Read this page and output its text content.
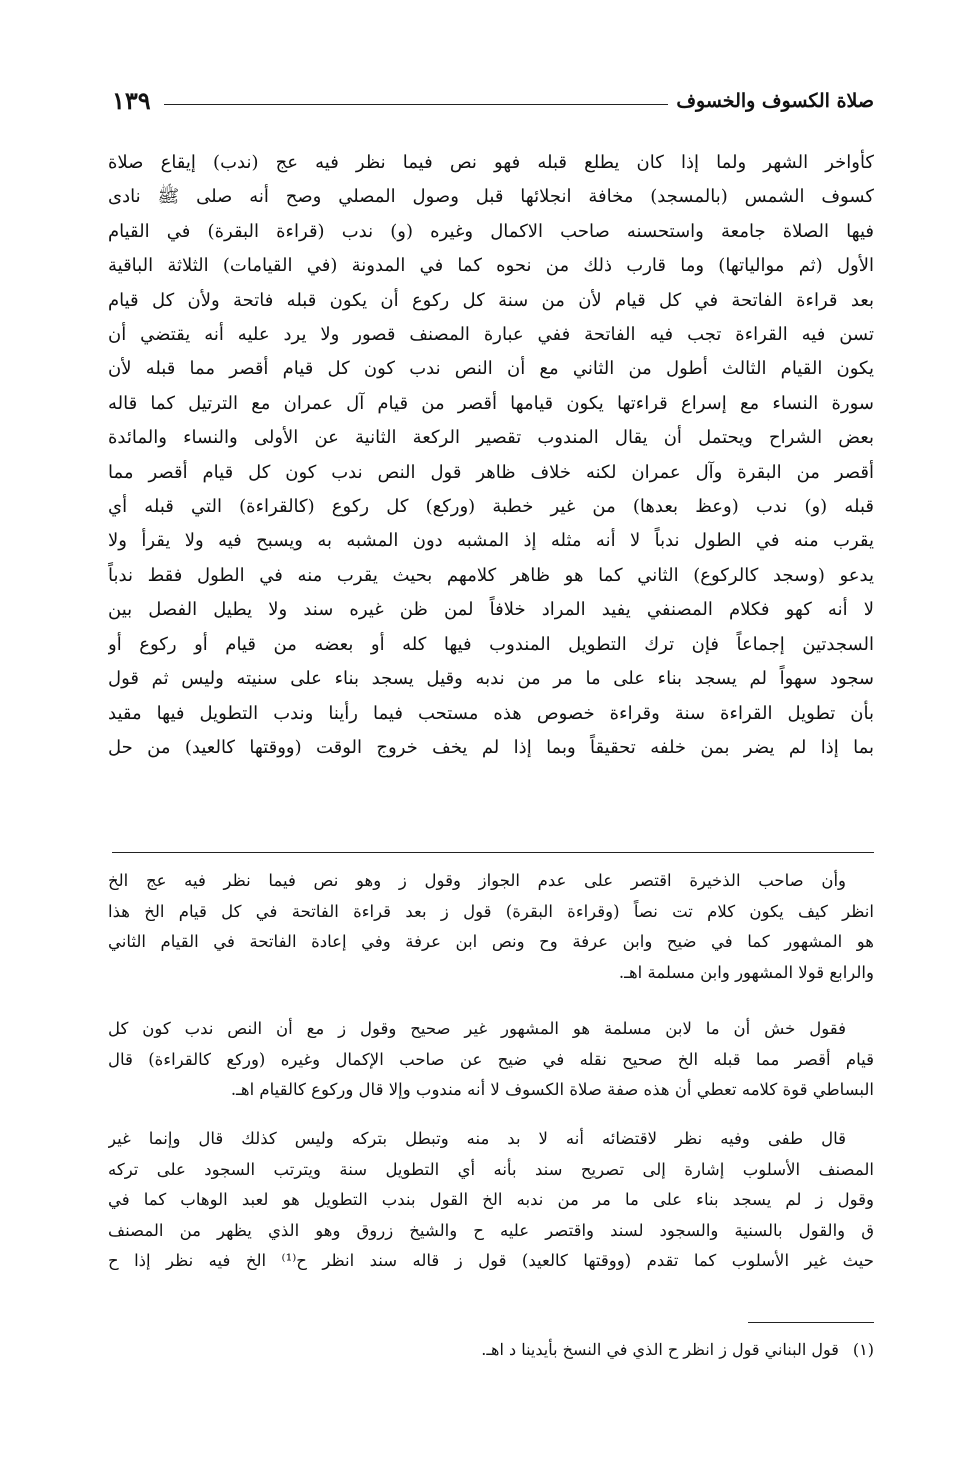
١٣٩	صلاة الكسوف والخسوف
كأواخر الشهر ولما إذا كان يطلع قبله فهو نص فيما نظر فيه عج (ندب) إيقاع صلاة
كسوف الشمس (بالمسجد) مخافة انجلائها قبل وصول المصلي وصح أنه صلى ﷺ نادى
فيها الصلاة جامعة واستحسنه صاحب الاكمال وغيره (و) ندب (قراءة البقرة) في القيام
الأول (ثم موالياتها) وما قارب ذلك من نحوه كما في المدونة (في القيامات) الثلاثة الباقية
بعد قراءة الفاتحة في كل قيام لأن من سنة كل ركوع أن يكون قبله فاتحة ولأن كل قيام
تسن فيه القراءة تجب فيه الفاتحة ففي عبارة المصنف قصور ولا يرد عليه أنه يقتضي أن
يكون القيام الثالث أطول من الثاني مع أن النص ندب كون كل قيام أقصر مما قبله لأن
سورة النساء مع إسراع قراءتها يكون قيامها أقصر من قيام آل عمران مع الترتيل كما قاله
بعض الشراح ويحتمل أن يقال المندوب تقصير الركعة الثانية عن الأولى والنساء والمائدة
أقصر من البقرة وآل عمران لكنه خلاف ظاهر قول النص ندب كون كل قيام أقصر مما
قبله (و) ندب (وعظ بعدها) من غير خطبة (وركع) كل ركوع (كالقراءة) التي قبله أي
يقرب منه في الطول ندباً لا أنه مثله إذ المشبه دون المشبه به ويسبح فيه ولا يقرأ ولا
يدعو (وسجد كالركوع) الثاني كما هو ظاهر كلامهم بحيث يقرب منه في الطول فقط ندباً
لا أنه كهو فكلام المصنفي يفيد المراد خلافاً لمن ظن غيره سند ولا يطيل الفصل بين
السجدتين إجماعاً فإن ترك التطويل المندوب فيها كله أو بعضه من قيام أو ركوع أو
سجود سهواً لم يسجد بناء على ما مر من ندبه وقيل يسجد بناء على سنيته وليس ثم قول
بأن تطويل القراءة سنة وقراءة خصوص هذه مستحب فيما رأينا وندب التطويل فيها مقيد
بما إذا لم يضر بمن خلفه تحقيقاً وبما إذا لم يخف خروج الوقت (ووقتها كالعيد) من حل
وأن صاحب الذخيرة اقتصر على عدم الجواز وقول ز وهو نص فيما نظر فيه عج الخ
انظر كيف يكون كلام تت نصاً (وقراءة البقرة) قول ز بعد قراءة الفاتحة في كل قيام الخ هذا
هو المشهور كما في ضيح وابن عرفة وح ونص ابن عرفة وفي إعادة الفاتحة في القيام الثاني
والرابع قولا المشهور وابن مسلمة اهـ.
فقول خش أن ما لابن مسلمة هو المشهور غير صحيح وقول ز مع أن النص ندب كون كل
قيام أقصر مما قبله الخ صحيح نقله في ضيح عن صاحب الإكمال وغيره (وركع كالقراءة) قال
البساطي قوة كلامه تعطي أن هذه صفة صلاة الكسوف لا أنه مندوب وإلا قال وركوع كالقيام اهـ.
قال طفى وفيه نظر لاقتضائه أنه لا بد منه وتبطل بتركه وليس كذلك قال وإنما غير
المصنف الأسلوب إشارة إلى تصريح سند بأنه أي التطويل سنة ويترتب السجود على تركه
وقول ز لم يسجد بناء على ما مر من ندبه الخ القول بندب التطويل هو لعبد الوهاب كما في
ق والقول بالسنية والسجود لسند واقتصر عليه ح والشيخ زروق وهو الذي يظهر من المصنف
حيث غير الأسلوب كما تقدم (ووقتها كالعيد) قول ز قاله سند انظر ح⁽¹⁾ الخ فيه نظر إذا ح
(١)قول البناني قول ز انظر ح الذي في النسخ بأيدينا د اهـ.
